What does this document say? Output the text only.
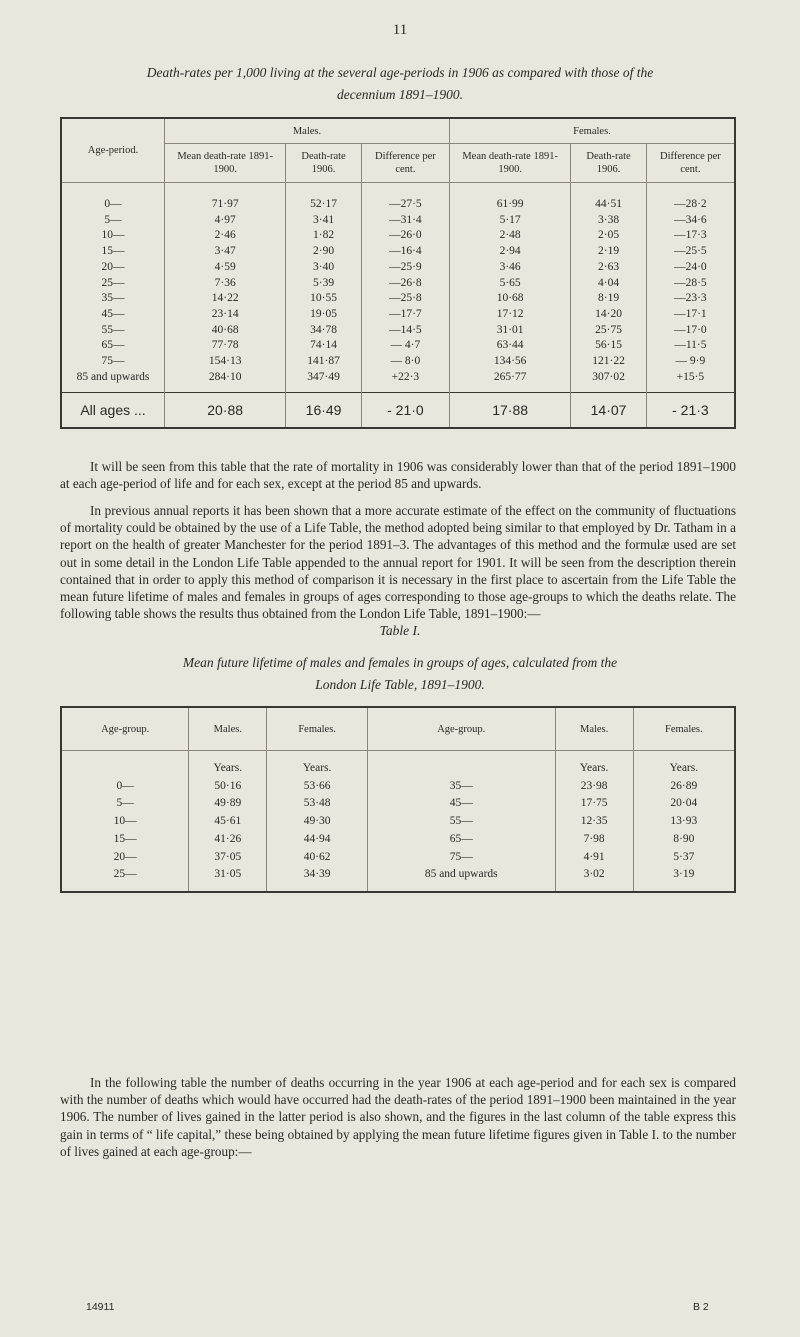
11
Death-rates per 1,000 living at the several age-periods in 1906 as compared with those of the
decennium 1891–1900.
Age-period.	Males.			Females.		
	Mean death-rate 1891-1900.	Death-rate 1906.	Difference per cent.	Mean death-rate 1891-1900.	Death-rate 1906.	Difference per cent.
0—	71·97	52·17	—27·5	61·99	44·51	—28·2
5—	4·97	3·41	—31·4	5·17	3·38	—34·6
10—	2·46	1·82	—26·0	2·48	2·05	—17·3
15—	3·47	2·90	—16·4	2·94	2·19	—25·5
20—	4·59	3·40	—25·9	3·46	2·63	—24·0
25—	7·36	5·39	—26·8	5·65	4·04	—28·5
35—	14·22	10·55	—25·8	10·68	8·19	—23·3
45—	23·14	19·05	—17·7	17·12	14·20	—17·1
55—	40·68	34·78	—14·5	31·01	25·75	—17·0
65—	77·78	74·14	— 4·7	63·44	56·15	—11·5
75—	154·13	141·87	— 8·0	134·56	121·22	— 9·9
85 and upwards	284·10	347·49	+22·3	265·77	307·02	+15·5
All ages ...	20·88	16·49	- 21·0	17·88	14·07	- 21·3

It will be seen from this table that the rate of mortality in 1906 was considerably lower than that of the period 1891–1900 at each age-period of life and for each sex, except at the period 85 and upwards.

In previous annual reports it has been shown that a more accurate estimate of the effect on the community of fluctuations of mortality could be obtained by the use of a Life Table, the method adopted being similar to that employed by Dr. Tatham in a report on the health of greater Manchester for the period 1891–3. The advantages of this method and the formulæ used are set out in some detail in the London Life Table appended to the annual report for 1901. It will be seen from the description therein contained that in order to apply this method of comparison it is necessary in the first place to ascertain from the Life Table the mean future lifetime of males and females in groups of ages corresponding to those age-groups to which the deaths relate. The following table shows the results thus obtained from the London Life Table, 1891–1900:—

Table I.
Mean future lifetime of males and females in groups of ages, calculated from the
London Life Table, 1891–1900.
Age-group.	Males.	Females.	Age-group.	Males.	Females.
	Years.	Years.		Years.	Years.
0—	50·16	53·66	35—	23·98	26·89
5—	49·89	53·48	45—	17·75	20·04
10—	45·61	49·30	55—	12·35	13·93
15—	41·26	44·94	65—	7·98	8·90
20—	37·05	40·62	75—	4·91	5·37
25—	31·05	34·39	85 and upwards	3·02	3·19

In the following table the number of deaths occurring in the year 1906 at each age-period and for each sex is compared with the number of deaths which would have occurred had the death-rates of the period 1891–1900 been maintained in the year 1906. The number of lives gained in the latter period is also shown, and the figures in the last column of the table express this gain in terms of “ life capital,” these being obtained by applying the mean future lifetime figures given in Table I. to the number of lives gained at each age-group:—

14911	B 2
